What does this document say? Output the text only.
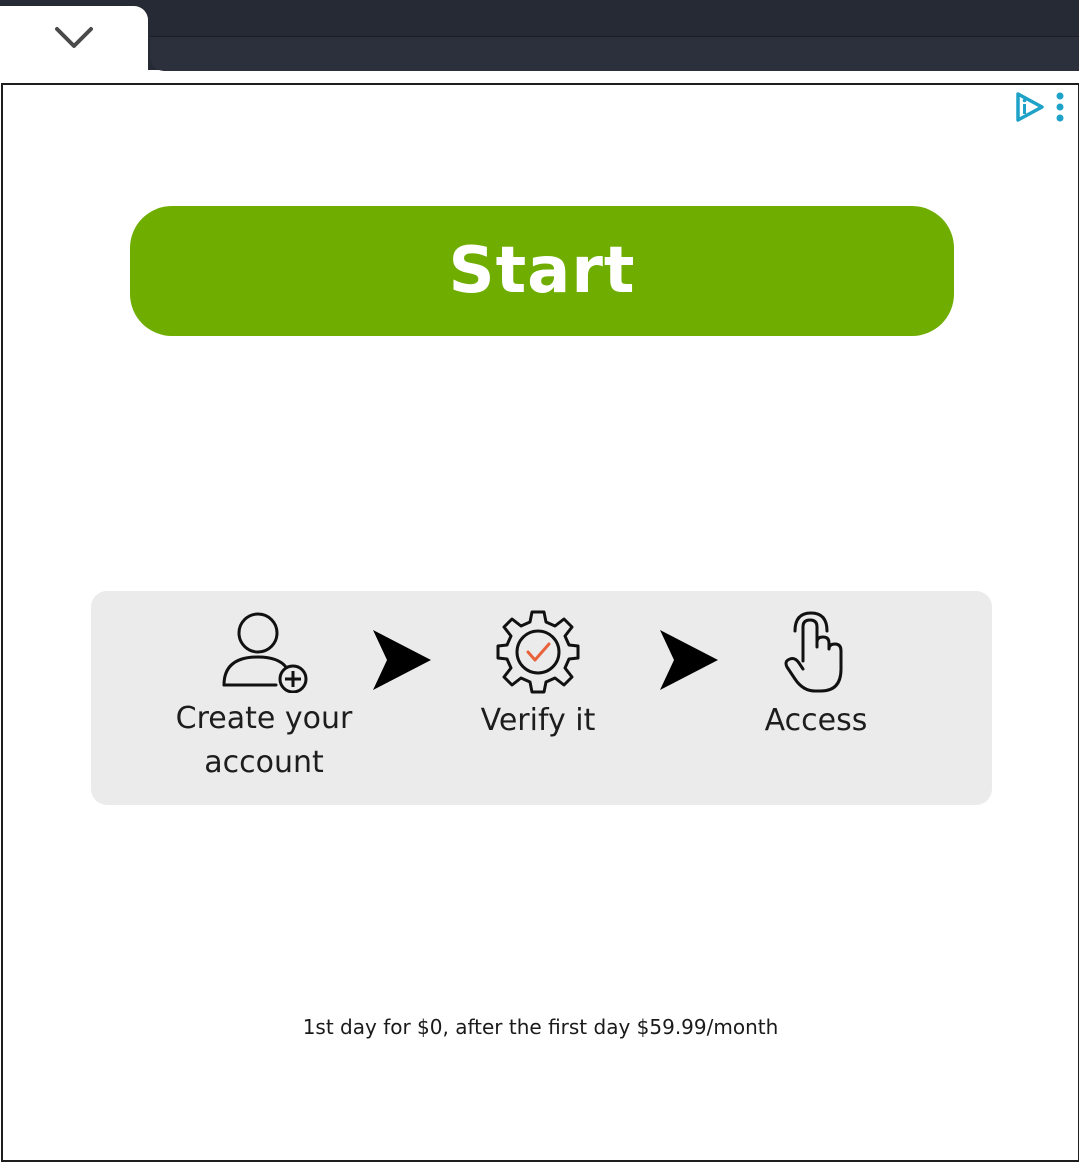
Start
Create your account
Verify it	Access
1st day for $0, after the first day $59.99/month
